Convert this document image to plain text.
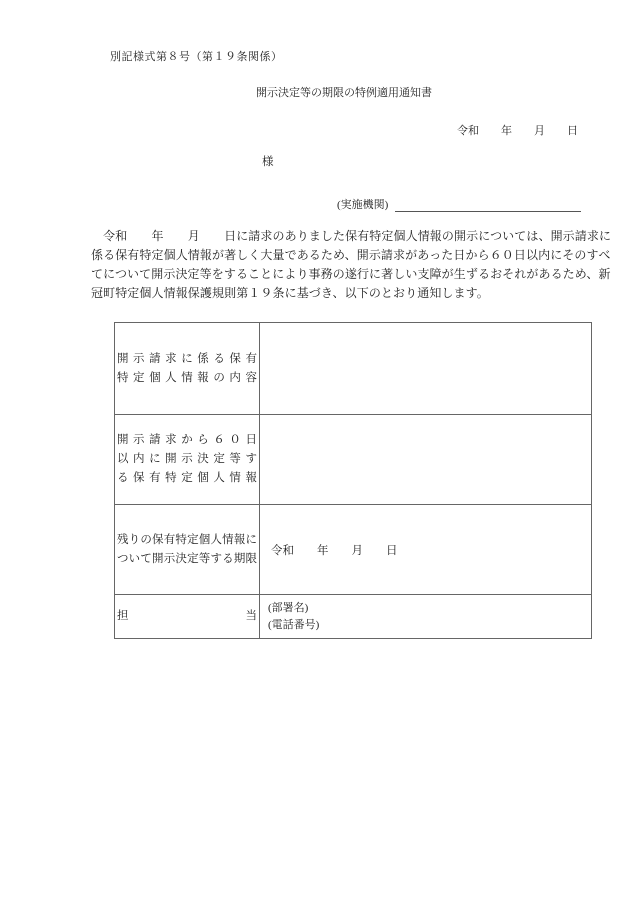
別記様式第８号（第１９条関係）
開示決定等の期限の特例適用通知書
令和　　年　　月　　日
様
(実施機関)
　令和　　年　　月　　日に請求のありました保有特定個人情報の開示については、開示請求に
係る保有特定個人情報が著しく大量であるため、開示請求があった日から６０日以内にそのすべ
てについて開示決定等をすることにより事務の遂行に著しい支障が生ずるおそれがあるため、新
冠町特定個人情報保護規則第１９条に基づき、以下のとおり通知します。
開示請求に係る保有
特定個人情報の内容
開示請求から６０日
以内に開示決定等す
る保有特定個人情報
残りの保有特定個人情報に
ついて開示決定等する期限
令和　　年　　月　　日
担当
(部署名)
(電話番号)
